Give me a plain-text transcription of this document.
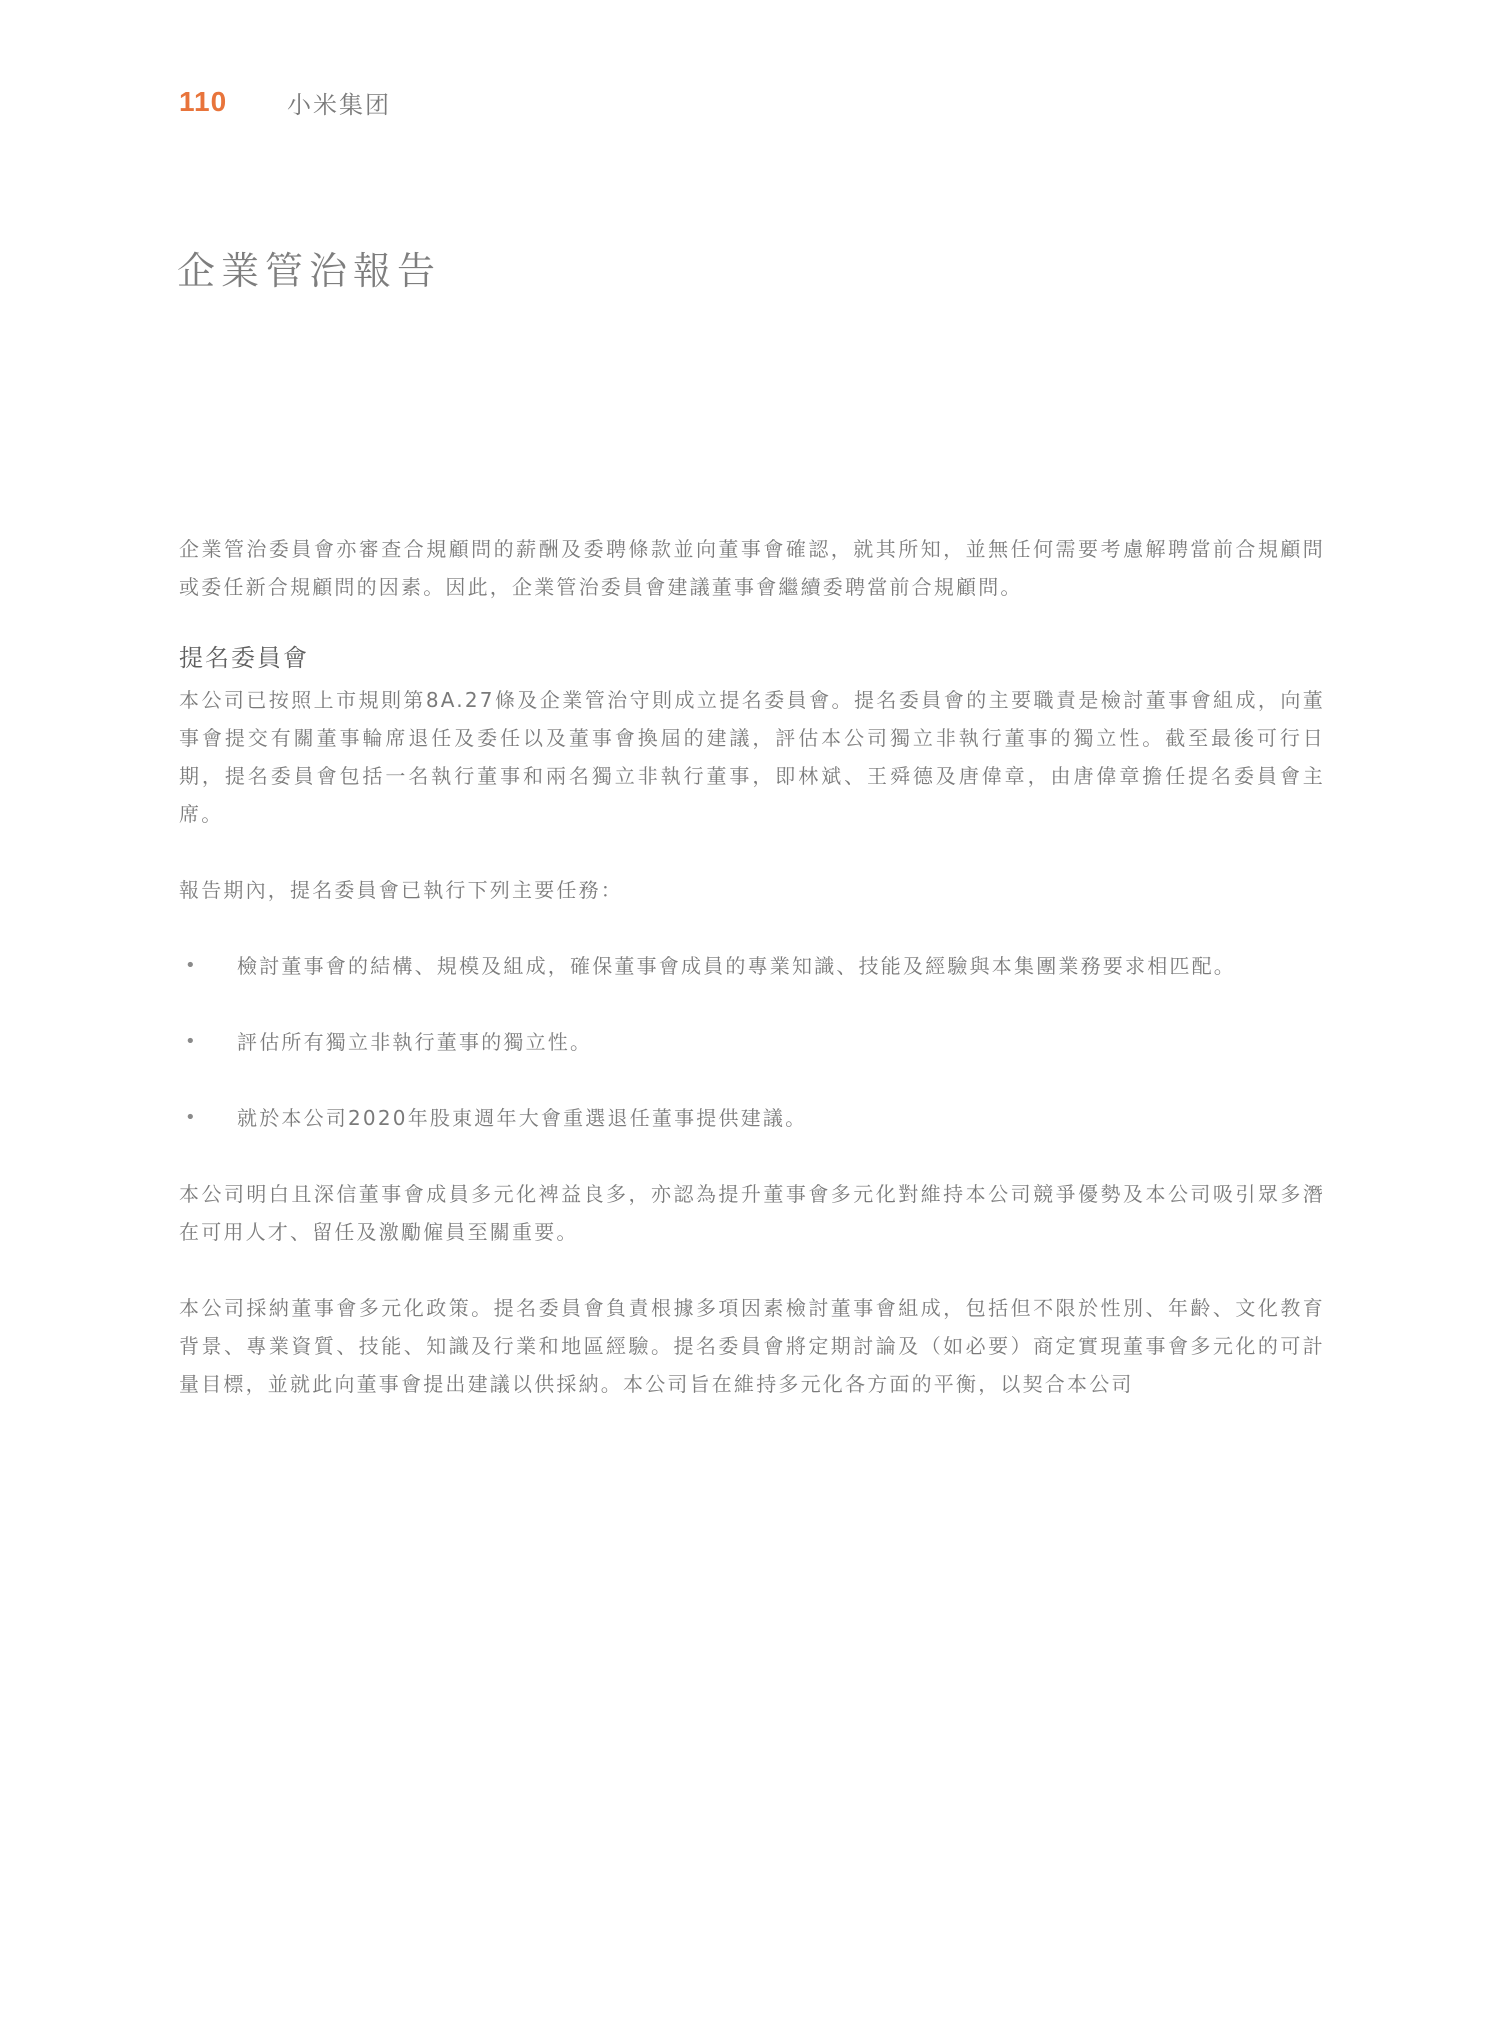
110	小米集团
企業管治報告

企業管治委員會亦審查合規顧問的薪酬及委聘條款並向董事會確認，就其所知，並無任何需要考慮解聘當前合規顧問或委任新合規顧問的因素。因此，企業管治委員會建議董事會繼續委聘當前合規顧問。

提名委員會

本公司已按照上市規則第8A.27條及企業管治守則成立提名委員會。提名委員會的主要職責是檢討董事會組成，向董事會提交有關董事輪席退任及委任以及董事會換屆的建議，評估本公司獨立非執行董事的獨立性。截至最後可行日期，提名委員會包括一名執行董事和兩名獨立非執行董事，即林斌、王舜德及唐偉章，由唐偉章擔任提名委員會主席。

報告期內，提名委員會已執行下列主要任務：

•	檢討董事會的結構、規模及組成，確保董事會成員的專業知識、技能及經驗與本集團業務要求相匹配。
•	評估所有獨立非執行董事的獨立性。
•	就於本公司2020年股東週年大會重選退任董事提供建議。

本公司明白且深信董事會成員多元化裨益良多，亦認為提升董事會多元化對維持本公司競爭優勢及本公司吸引眾多潛在可用人才、留任及激勵僱員至關重要。

本公司採納董事會多元化政策。提名委員會負責根據多項因素檢討董事會組成，包括但不限於性別、年齡、文化教育背景、專業資質、技能、知識及行業和地區經驗。提名委員會將定期討論及（如必要）商定實現董事會多元化的可計量目標，並就此向董事會提出建議以供採納。本公司旨在維持多元化各方面的平衡，以契合本公司
